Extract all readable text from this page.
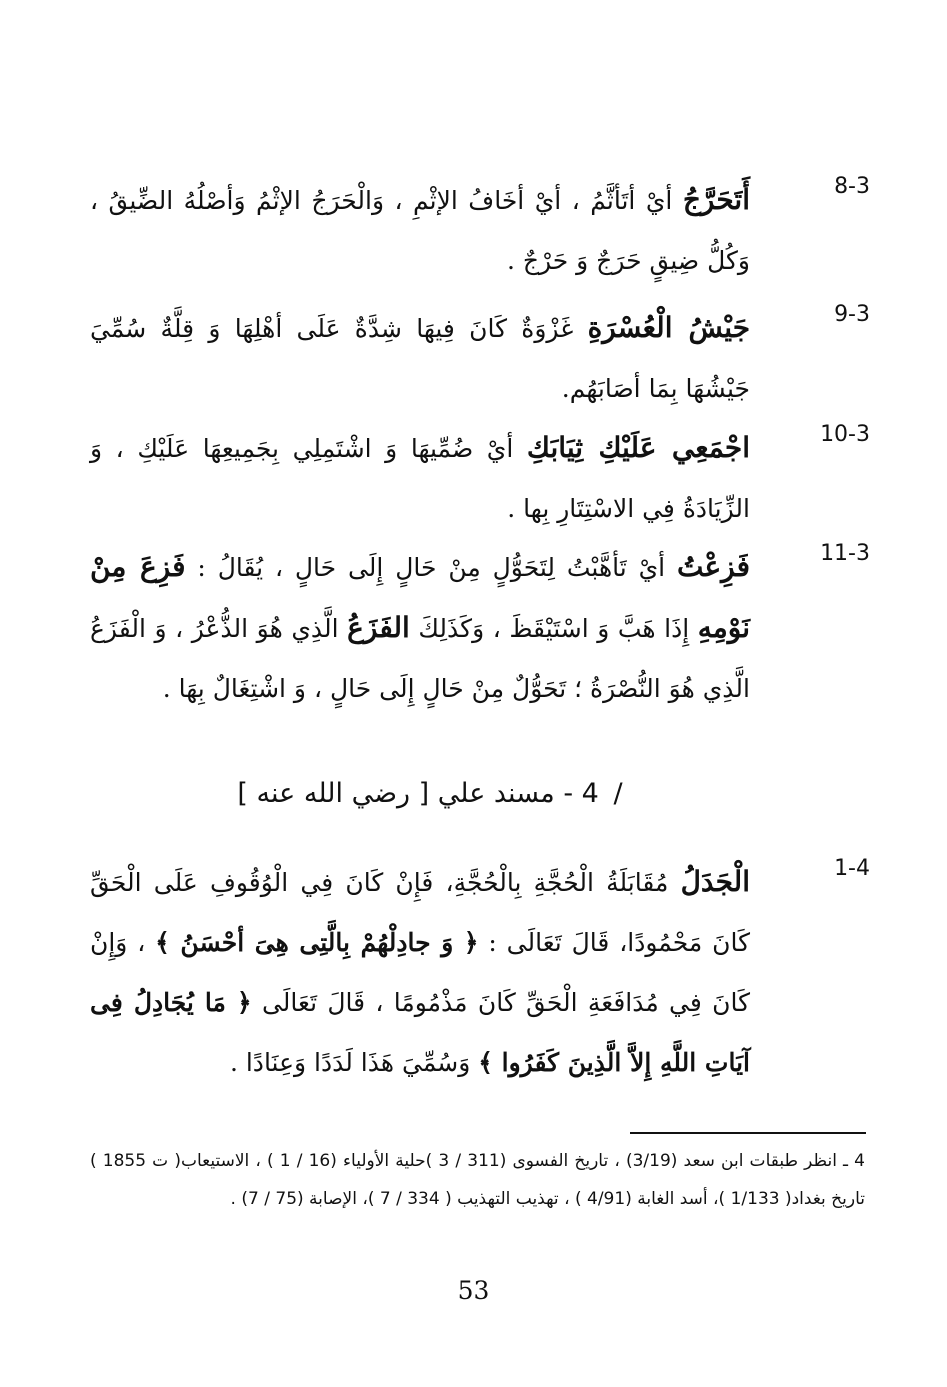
8-3
أَتَحَرَّجُ أيْ أتَأثَّمُ ، أيْ أخَافُ الإثْمِ ، وَالْحَرَجُ الإثْمُ وَأصْلُهُ الضِّيقُ ، وَكُلُّ ضِيقٍ حَرَجٌ وَ حَرْجٌ .
9-3
جَيْشُ الْعُسْرَةِ غَزْوَةٌ كَانَ فِيهَا شِدَّةٌ عَلَى أهْلِهَا وَ قِلَّةٌ سُمِّيَ جَيْشُهَا بِمَا أصَابَهُم.
10-3
اجْمَعِي عَلَيْكِ ثِيَابَكِ أيْ ضُمِّيهَا وَ اشْتَمِلِي بِجَمِيعِهَا عَلَيْكِ ، وَ الزِّيَادَةُ فِي الاسْتِتَارِ بِها .
11-3
فَزِعْتُ أيْ تَأهَّبْتُ لِتَحَوُّلٍ مِنْ حَالٍ إِلَى حَالٍ ، يُقَالُ : فَزِعَ مِنْ نَوْمِهِ إِذَا هَبَّ وَ اسْتَيْقَظَ ، وَكَذَلِكَ الفَزَعُ الَّذِي هُوَ الذُّعْرُ ، وَ الْفَزَعُ الَّذِي هُوَ النُّصْرَةُ ؛ تَحَوُّلٌ مِنْ حَالٍ إِلَى حَالٍ ، وَ اشْتِغَالٌ بِهَا .
/ 4 - مسند علي [ رضي الله عنه ]
1-4
الْجَدَلُ مُقَابَلَةُ الْحُجَّةِ بِالْحُجَّةِ، فَإِنْ كَانَ فِي الْوُقُوفِ عَلَى الْحَقِّ كَانَ مَحْمُودًا، قَالَ تَعَالَى : ﴿ وَ جادِلْهُمْ بِالَّتِى هِىَ أحْسَنُ ﴾ ، وَإِنْ كَانَ فِي مُدَافَعَةِ الْحَقِّ كَانَ مَذْمُومًا ، قَالَ تَعَالَى ﴿ مَا يُجَادِلُ فِى آيَاتِ اللَّهِ إِلاَّ الَّذِينَ كَفَرُوا ﴾ وَسُمِّيَ هَذَا لَدَدًا وَعِنَادًا .
4 ـ انظر طبقات ابن سعد (3/19) ، تاريخ الفسوى (311 / 3 )حلية الأولياء (16 / 1 ) ، الاستيعاب( ت 1855 ) تاريخ بغداد( 1/133 )، أسد الغابة (4/91 ) ، تهذيب التهذيب ( 334 / 7 )، الإصابة (75 / 7) .
53
